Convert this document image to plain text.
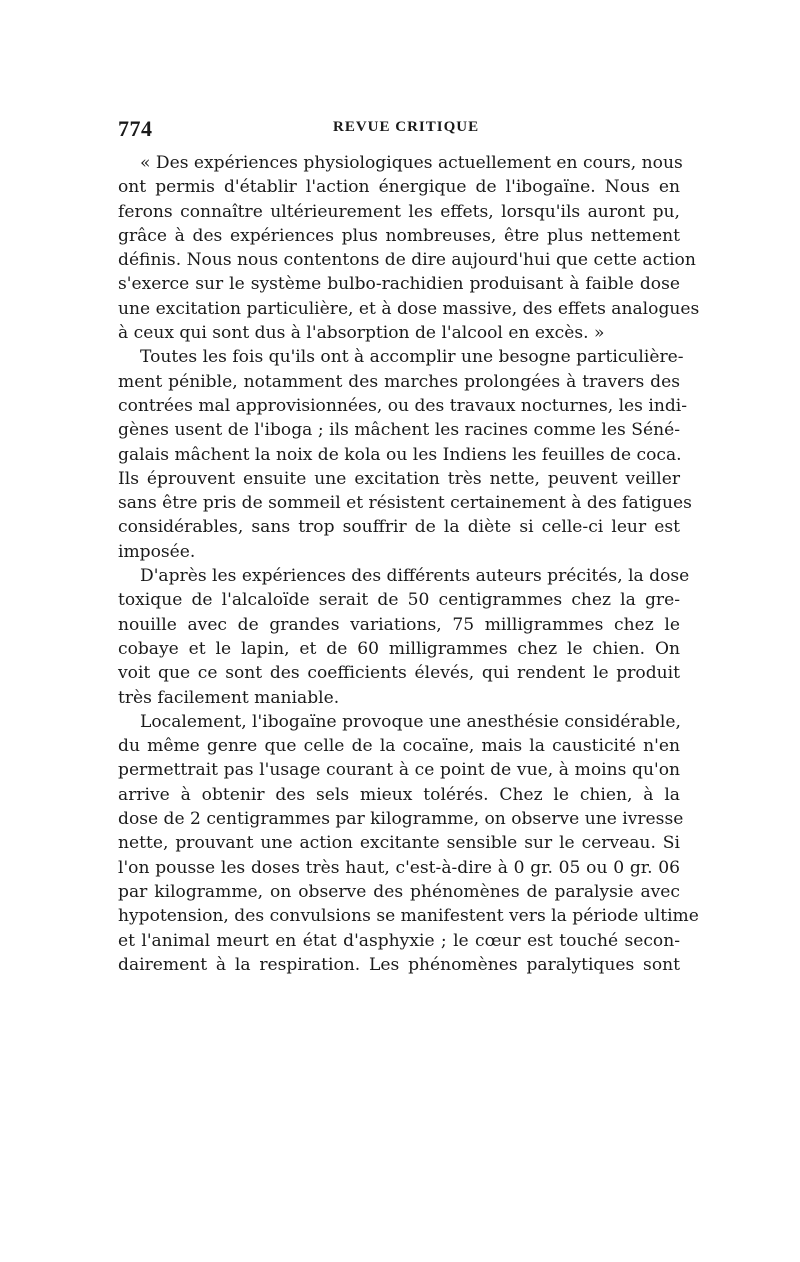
774	REVUE CRITIQUE
« Des expériences physiologiques actuellement en cours, nous
ont permis d'établir l'action énergique de l'ibogaïne. Nous en
ferons connaître ultérieurement les effets, lorsqu'ils auront pu,
grâce à des expériences plus nombreuses, être plus nettement
définis. Nous nous contentons de dire aujourd'hui que cette action
s'exerce sur le système bulbo-rachidien produisant à faible dose
une excitation particulière, et à dose massive, des effets analogues
à ceux qui sont dus à l'absorption de l'alcool en excès. »
Toutes les fois qu'ils ont à accomplir une besogne particulière-
ment pénible, notamment des marches prolongées à travers des
contrées mal approvisionnées, ou des travaux nocturnes, les indi-
gènes usent de l'iboga ; ils mâchent les racines comme les Séné-
galais mâchent la noix de kola ou les Indiens les feuilles de coca.
Ils éprouvent ensuite une excitation très nette, peuvent veiller
sans être pris de sommeil et résistent certainement à des fatigues
considérables, sans trop souffrir de la diète si celle-ci leur est
imposée.
D'après les expériences des différents auteurs précités, la dose
toxique de l'alcaloïde serait de 50 centigrammes chez la gre-
nouille avec de grandes variations, 75 milligrammes chez le
cobaye et le lapin, et de 60 milligrammes chez le chien. On
voit que ce sont des coefficients élevés, qui rendent le produit
très facilement maniable.
Localement, l'ibogaïne provoque une anesthésie considérable,
du même genre que celle de la cocaïne, mais la causticité n'en
permettrait pas l'usage courant à ce point de vue, à moins qu'on
arrive à obtenir des sels mieux tolérés. Chez le chien, à la
dose de 2 centigrammes par kilogramme, on observe une ivresse
nette, prouvant une action excitante sensible sur le cerveau. Si
l'on pousse les doses très haut, c'est-à-dire à 0 gr. 05 ou 0 gr. 06
par kilogramme, on observe des phénomènes de paralysie avec
hypotension, des convulsions se manifestent vers la période ultime
et l'animal meurt en état d'asphyxie ; le cœur est touché secon-
dairement à la respiration. Les phénomènes paralytiques sont
